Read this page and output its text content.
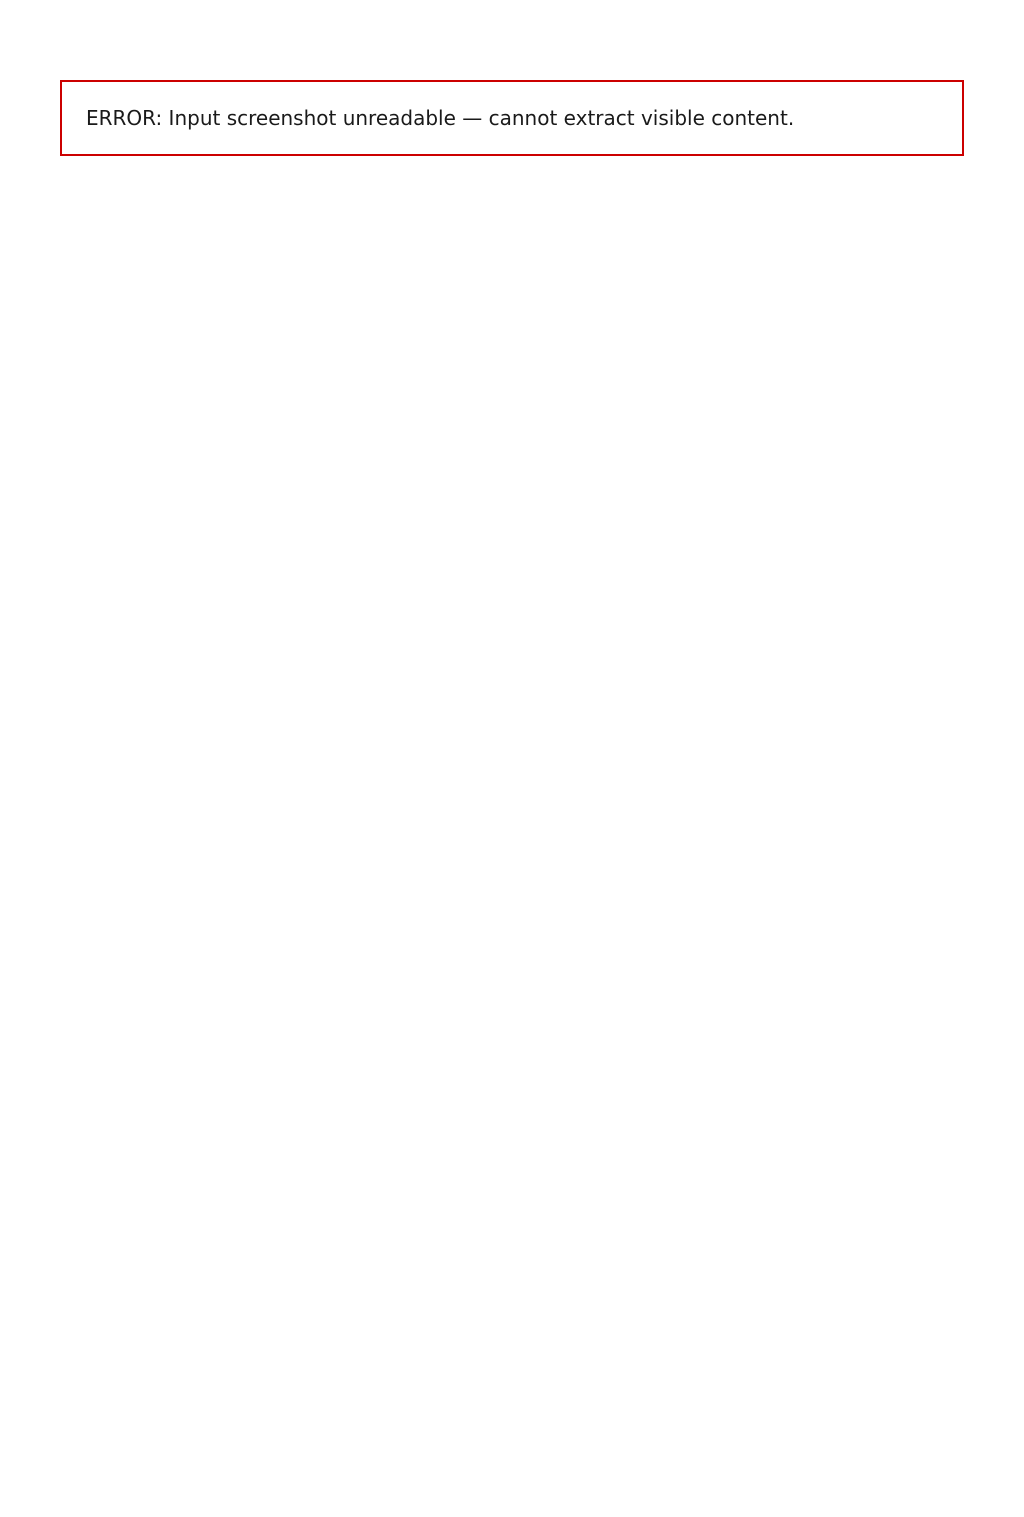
ERROR: Input screenshot unreadable — cannot extract visible content.
